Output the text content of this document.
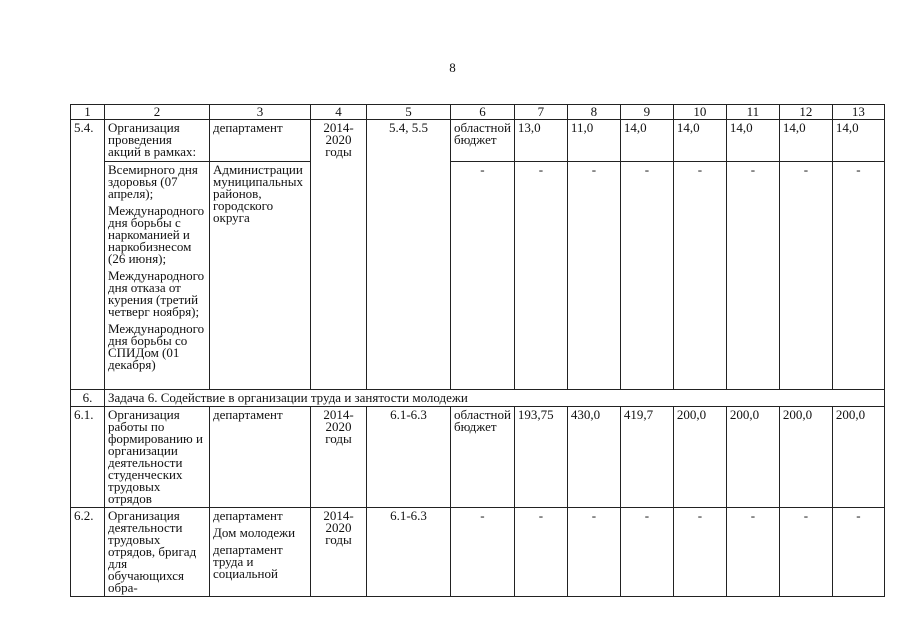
8
1	2	3	4	5	6	7	8	9	10	11	12	13
5.4.	Организация проведения акций в рамках:	департамент	2014-2020 годы	5.4, 5.5	областной бюджет	13,0	11,0	14,0	14,0	14,0	14,0	14,0

	Всемирного дня здоровья (07 апреля);
Международного дня борьбы с наркоманией и наркобизнесом (26 июня);
Международного дня отказа от курения (третий четверг ноября);
Международного дня борьбы со СПИДом (01 декабря)	Администрации муниципальных районов, городского округа			-	-	-	-	-	-	-	-
6.	Задача 6. Содействие в организации труда и занятости молодежи											
6.1.	Организация работы по формированию и организации деятельности студенческих трудовых отрядов	департамент	2014-2020 годы	6.1-6.3	областной бюджет	193,75	430,0	419,7	200,0	200,0	200,0	200,0
6.2.	Организация деятельности трудовых отрядов, бригад для обучающихся обра-	департамент
Дом молодежи
департамент труда и социальной	2014-2020 годы	6.1-6.3	-	-	-	-	-	-	-	-
